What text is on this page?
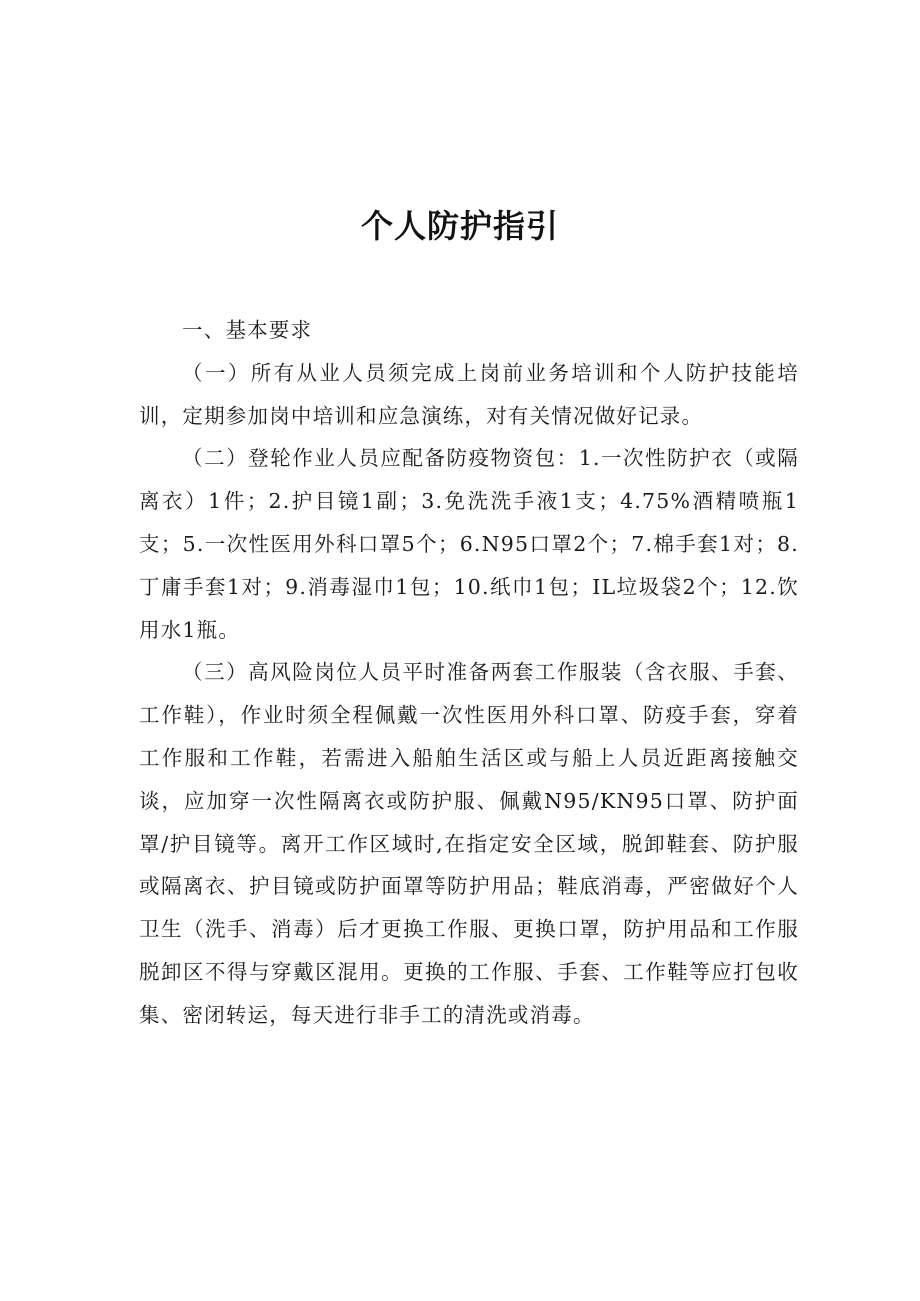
个人防护指引

一、基本要求

（一）所有从业人员须完成上岗前业务培训和个人防护技能培训，定期参加岗中培训和应急演练，对有关情况做好记录。

（二）登轮作业人员应配备防疫物资包：1.一次性防护衣（或隔离衣）1件；2.护目镜1副；3.免洗洗手液1支；4.75%酒精喷瓶1支；5.一次性医用外科口罩5个；6.N95口罩2个；7.棉手套1对；8.丁庸手套1对；9.消毒湿巾1包；10.纸巾1包；IL垃圾袋2个；12.饮用水1瓶。

（三）高风险岗位人员平时准备两套工作服装（含衣服、手套、工作鞋），作业时须全程佩戴一次性医用外科口罩、防疫手套，穿着工作服和工作鞋，若需进入船舶生活区或与船上人员近距离接触交谈，应加穿一次性隔离衣或防护服、佩戴N95/KN95口罩、防护面罩/护目镜等。离开工作区域时,在指定安全区域，脱卸鞋套、防护服或隔离衣、护目镜或防护面罩等防护用品；鞋底消毒，严密做好个人卫生（洗手、消毒）后才更换工作服、更换口罩，防护用品和工作服脱卸区不得与穿戴区混用。更换的工作服、手套、工作鞋等应打包收集、密闭转运，每天进行非手工的清洗或消毒。
